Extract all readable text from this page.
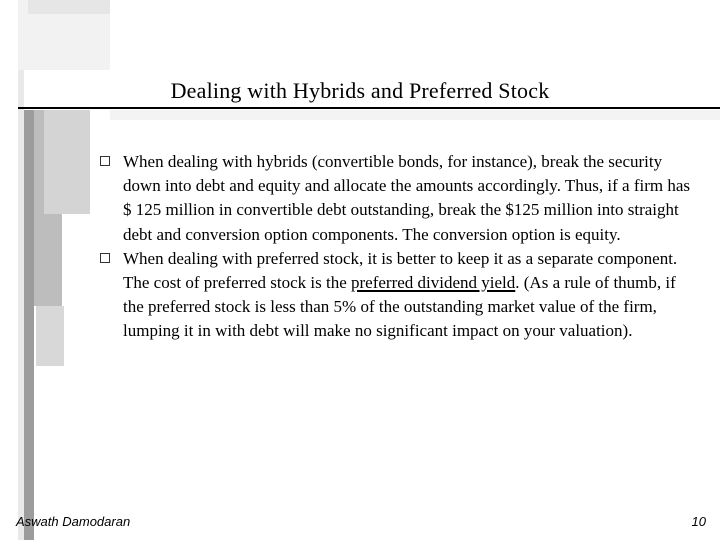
Dealing with Hybrids and Preferred Stock
When dealing with hybrids (convertible bonds, for instance), break the security down into debt and equity and allocate the amounts accordingly. Thus, if a firm has $ 125 million in convertible debt outstanding, break the $125 million into straight debt and conversion option components. The conversion option is equity.
When dealing with preferred stock, it is better to keep it as a separate component. The cost of preferred stock is the preferred dividend yield. (As a rule of thumb, if the preferred stock is less than 5% of the outstanding market value of the firm, lumping it in with debt will make no significant impact on your valuation).
Aswath Damodaran	10
